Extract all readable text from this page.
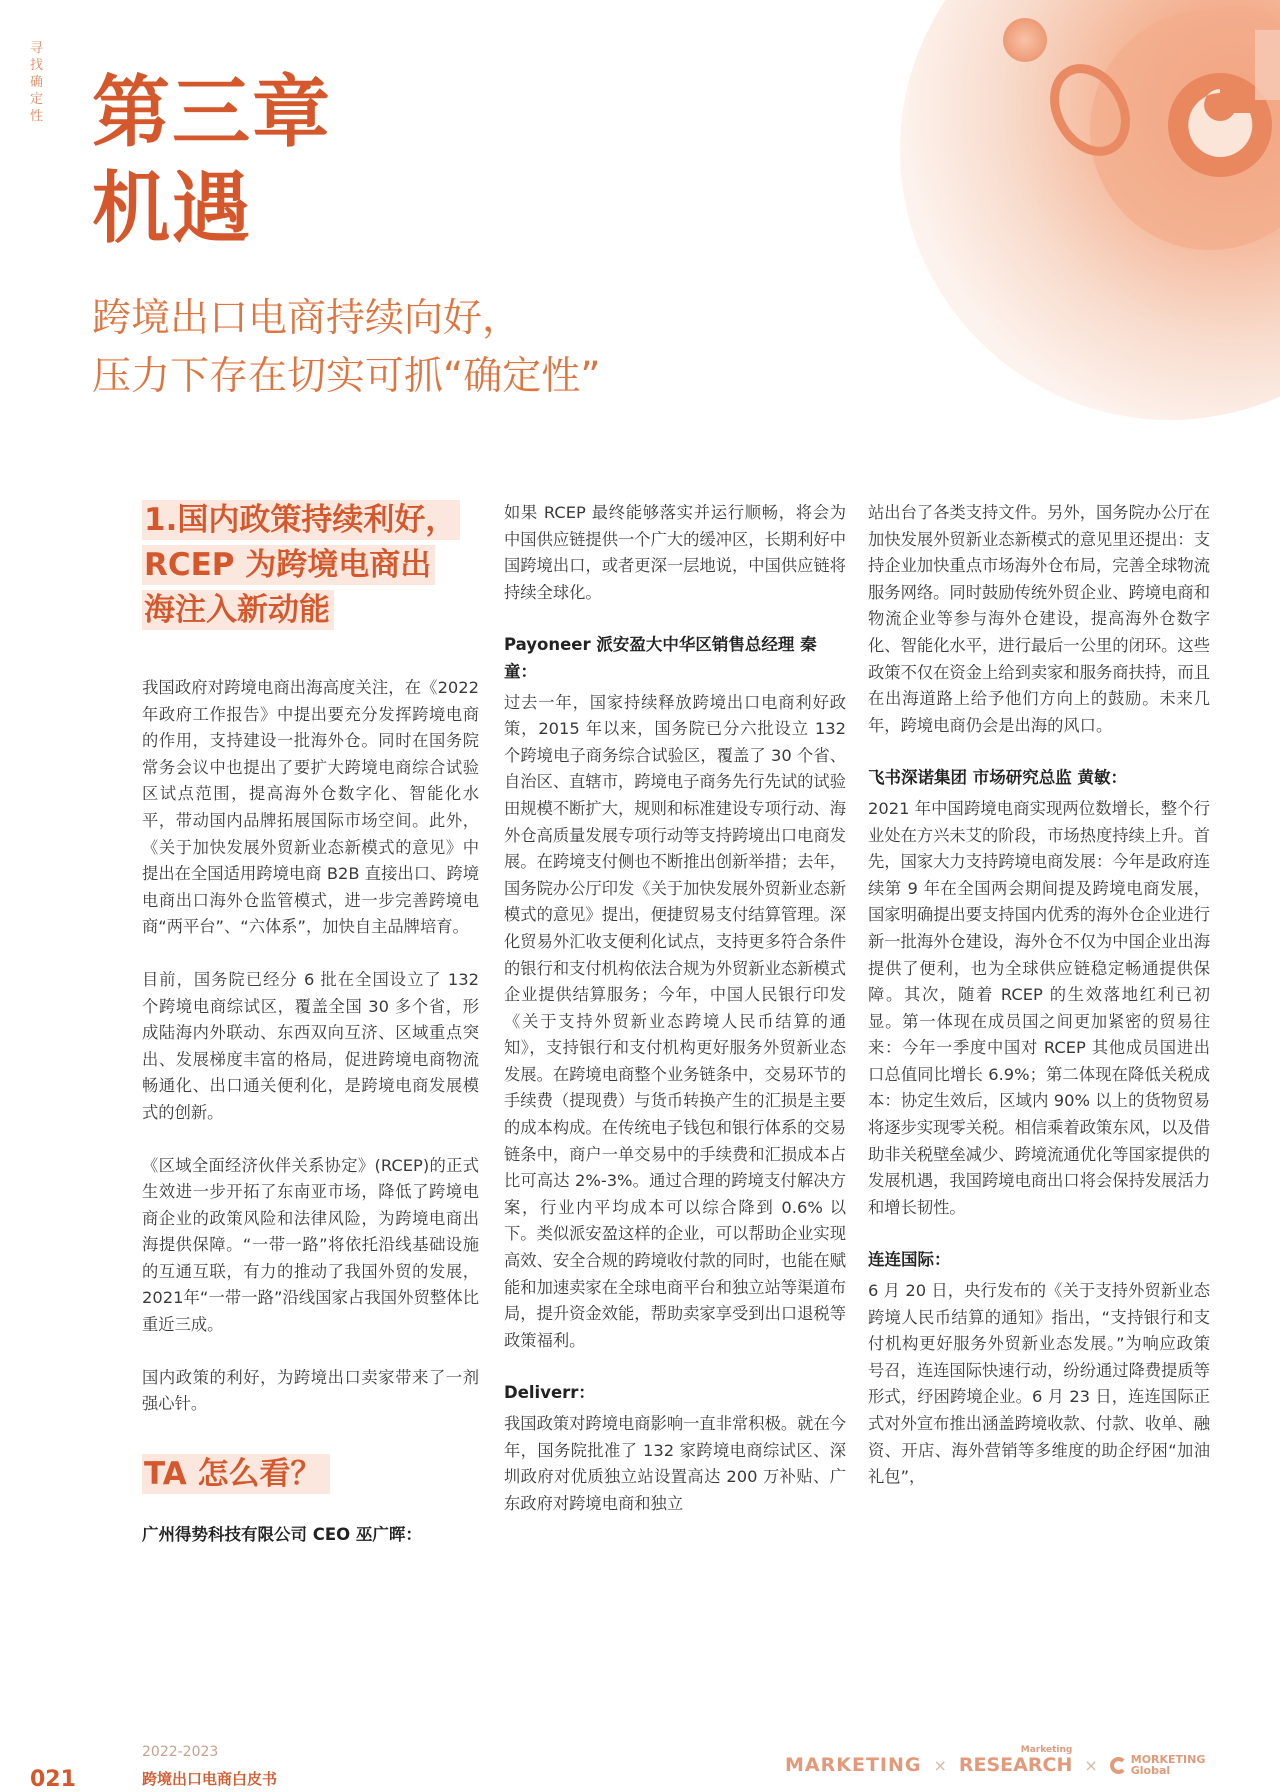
寻找确定性 第三章
机遇
跨境出口电商持续向好，
压力下存在切实可抓“确定性”
1.国内政策持续利好， RCEP 为跨境电商出 海注入新动能

我国政府对跨境电商出海高度关注，在《2022 年政府工作报告》中提出要充分发挥跨境电商的作用，支持建设一批海外仓。同时在国务院常务会议中也提出了要扩大跨境电商综合试验区试点范围，提高海外仓数字化、智能化水平，带动国内品牌拓展国际市场空间。此外，《关于加快发展外贸新业态新模式的意见》中提出在全国适用跨境电商 B2B 直接出口、跨境电商出口海外仓监管模式，进一步完善跨境电商“两平台”、“六体系”，加快自主品牌培育。

目前，国务院已经分 6 批在全国设立了 132 个跨境电商综试区，覆盖全国 30 多个省，形成陆海内外联动、东西双向互济、区域重点突出、发展梯度丰富的格局，促进跨境电商物流畅通化、出口通关便利化，是跨境电商发展模式的创新。

《区域全面经济伙伴关系协定》(RCEP)的正式生效进一步开拓了东南亚市场，降低了跨境电商企业的政策风险和法律风险，为跨境电商出海提供保障。“一带一路”将依托沿线基础设施的互通互联，有力的推动了我国外贸的发展，2021年“一带一路”沿线国家占我国外贸整体比重近三成。

国内政策的利好，为跨境出口卖家带来了一剂强心针。

TA 怎么看？
广州得势科技有限公司 CEO 巫广晖：

如果 RCEP 最终能够落实并运行顺畅，将会为中国供应链提供一个广大的缓冲区，长期利好中国跨境出口，或者更深一层地说，中国供应链将持续全球化。

Payoneer 派安盈大中华区销售总经理 秦童：

过去一年，国家持续释放跨境出口电商利好政策，2015 年以来，国务院已分六批设立 132 个跨境电子商务综合试验区，覆盖了 30 个省、自治区、直辖市，跨境电子商务先行先试的试验田规模不断扩大，规则和标准建设专项行动、海外仓高质量发展专项行动等支持跨境出口电商发展。在跨境支付侧也不断推出创新举措；去年，国务院办公厅印发《关于加快发展外贸新业态新模式的意见》提出，便捷贸易支付结算管理。深化贸易外汇收支便利化试点，支持更多符合条件的银行和支付机构依法合规为外贸新业态新模式企业提供结算服务；今年，中国人民银行印发《关于支持外贸新业态跨境人民币结算的通知》，支持银行和支付机构更好服务外贸新业态发展。在跨境电商整个业务链条中，交易环节的手续费（提现费）与货币转换产生的汇损是主要的成本构成。在传统电子钱包和银行体系的交易链条中，商户一单交易中的手续费和汇损成本占比可高达 2%-3%。通过合理的跨境支付解决方案，行业内平均成本可以综合降到 0.6% 以下。类似派安盈这样的企业，可以帮助企业实现高效、安全合规的跨境收付款的同时，也能在赋能和加速卖家在全球电商平台和独立站等渠道布局，提升资金效能，帮助卖家享受到出口退税等政策福利。

Deliverr：

我国政策对跨境电商影响一直非常积极。就在今年，国务院批准了 132 家跨境电商综试区、深圳政府对优质独立站设置高达 200 万补贴、广东政府对跨境电商和独立

站出台了各类支持文件。另外，国务院办公厅在加快发展外贸新业态新模式的意见里还提出：支持企业加快重点市场海外仓布局，完善全球物流服务网络。同时鼓励传统外贸企业、跨境电商和物流企业等参与海外仓建设，提高海外仓数字化、智能化水平，进行最后一公里的闭环。这些政策不仅在资金上给到卖家和服务商扶持，而且在出海道路上给予他们方向上的鼓励。未来几年，跨境电商仍会是出海的风口。

飞书深诺集团 市场研究总监 黄敏：

2021 年中国跨境电商实现两位数增长，整个行业处在方兴未艾的阶段，市场热度持续上升。首先，国家大力支持跨境电商发展：今年是政府连续第 9 年在全国两会期间提及跨境电商发展，国家明确提出要支持国内优秀的海外仓企业进行新一批海外仓建设，海外仓不仅为中国企业出海提供了便利，也为全球供应链稳定畅通提供保障。其次，随着 RCEP 的生效落地红利已初显。第一体现在成员国之间更加紧密的贸易往来：今年一季度中国对 RCEP 其他成员国进出口总值同比增长 6.9%；第二体现在降低关税成本：协定生效后，区域内 90% 以上的货物贸易将逐步实现零关税。相信乘着政策东风，以及借助非关税壁垒减少、跨境流通优化等国家提供的发展机遇，我国跨境电商出口将会保持发展活力和增长韧性。

连连国际：

6 月 20 日，央行发布的《关于支持外贸新业态跨境人民币结算的通知》指出，“支持银行和支付机构更好服务外贸新业态发展。”为响应政策号召，连连国际快速行动，纷纷通过降费提质等形式，纾困跨境企业。6 月 23 日，连连国际正式对外宣布推出涵盖跨境收款、付款、收单、融资、开店、海外营销等多维度的助企纾困“加油礼包”，

021
2022-2023
跨境出口电商白皮书
MARKETING ×
Marketing
RESEARCH ×	MORKETING
Global
